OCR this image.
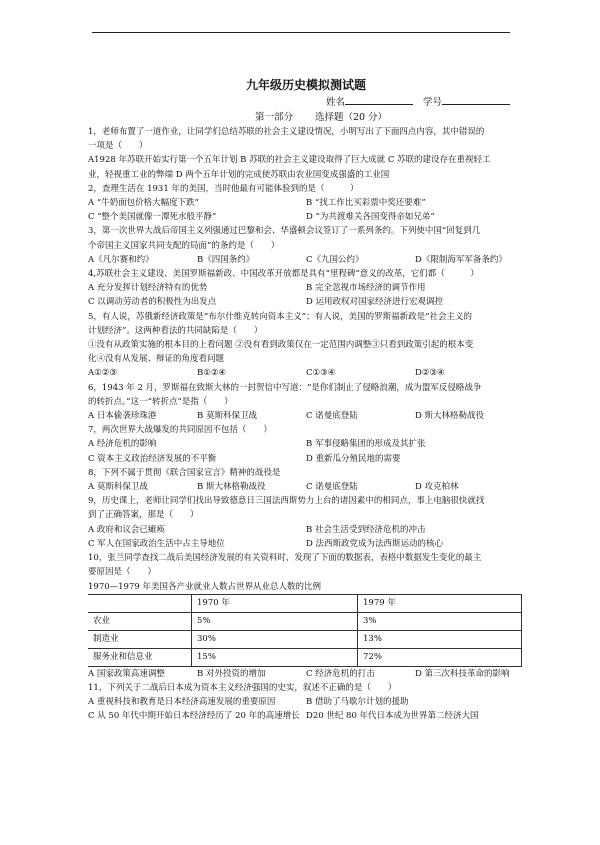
九年级历史模拟测试题

姓名	学号
第一部分 选择题（20 分）

1，老师布置了一道作业，让同学们总结苏联的社会主义建设情况，小明写出了下面四点内容，其中错误的

一项是（　　）

A1928 年苏联开始实行第一个五年计划 B 苏联的社会主义建设取得了巨大成就 C 苏联的建设存在重视轻工

业，轻视重工业的弊端 D 两个五年计划的完成使苏联由农业国变成强盛的工业国

2，查理生活在 1931 年的美国，当时他最有可能体验到的是（　　　）

A “牛奶面包价格大幅度下跌”	B “找工作比买彩票中奖还要难”
C “整个美国就像一潭死水般平静”	D “为共渡难关各国变得亲如兄弟”

3，第一次世界大战后帝国主义列强通过巴黎和会、华盛顿会议签订了一系列条约。下列使中国“回复到几

个帝国主义国家共同支配的局面”的条约是（　　）

A《凡尔赛和约》	B《四国条约》	C《九国公约》	D《限制海军军备条约》

4,苏联社会主义建设、美国罗斯福新政、中国改革开放都是具有“里程碑”意义的改革，它们都（　　　）

A 充分发挥计划经济特有的优势	B 完全忽视市场经济的调节作用
C 以调动劳动者的积极性为出发点	D 运用政权对国家经济进行宏观调控

5，有人说，苏俄新经济政策是“布尔什维克转向资本主义”；有人说，美国的罗斯福新政是“社会主义的

计划经济”。这两种看法的共同缺陷是（　　）

①没有从政策实施的根本目的上看问题 ②没有看到政策仅在一定范围内调整③只看到政策引起的根本变

化④没有从发展、辩证的角度看问题

A①②③	B①②④	C①③④	D②③④

6，1943 年 2 月，罗斯福在致斯大林的一封贺信中写道：“是你们制止了侵略浪潮，成为盟军反侵略战争

的转折点。”这一“转折点”是指（　　）

A 日本偷袭珍珠港	B 莫斯科保卫战	C 诺曼底登陆	D 斯大林格勒战役

7，两次世界大战爆发的共同原因不包括（　　）

A 经济危机的影响	B 军事侵略集团的形成及其扩张
C 资本主义政治经济发展的不平衡	D 重新瓜分殖民地的需要

8，下列不属于贯彻《联合国家宣言》精神的战役是

A 莫斯科保卫战	B 斯大林格勒战役	C 诺曼底登陆	D 攻克柏林

9，历史课上，老师让同学们找出导致德意日三国法西斯势力上台的诸因素中的相同点，事上电脑很快就找

到了正确答案，那是（　　）

A 政府和议会已瘫痪	B 社会生活受到经济危机的冲击
C 军人在国家政治生活中占主导地位	D 法西斯政党成为法西斯运动的核心

10，张兰同学查找二战后美国经济发展的有关资料时，发现了下面的数据表，表格中数据发生变化的最主

要原因是（　　）

1970—1979 年美国各产业就业人数占世界从业总人数的比例

	1970 年	1979 年
农业	5%	3%
制造业	30%	13%
服务业和信息业	15%	72%
A 国家政策高速调整	B 对外投资的增加	C 经济危机的打击	D 第三次科技革命的影响

11，下列关于二战后日本成为资本主义经济强国的史实，叙述不正确的是（　　）

A 重视科技和教育是日本经济高速发展的重要原因	B 借助了马歇尔计划的援助
C 从 50 年代中期开始日本经济经历了 20 年的高速增长 D20 世纪 80 年代日本成为世界第二经济大国
